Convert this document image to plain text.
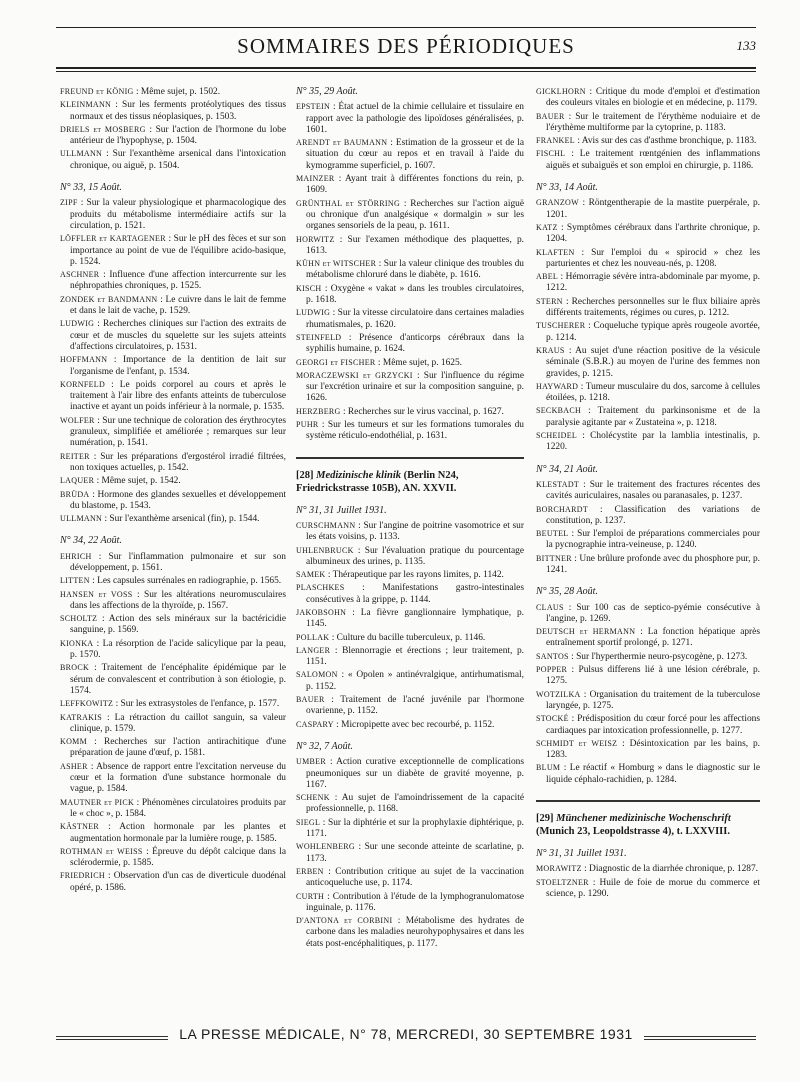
SOMMAIRES DES PÉRIODIQUES	133

FREUND et KÖNIG : Même sujet, p. 1502.

KLEINMANN : Sur les ferments protéolytiques des tissus normaux et des tissus néoplasiques, p. 1503.

DRIELS et MOSBERG : Sur l'action de l'hormone du lobe antérieur de l'hypophyse, p. 1504.

ULLMANN : Sur l'exanthème arsenical dans l'intoxication chronique, ou aiguë, p. 1504.

N° 33, 15 Août.

ZIPF : Sur la valeur physiologique et pharmacologique des produits du métabolisme intermédiaire actifs sur la circulation, p. 1521.

LÖFFLER et KARTAGENER : Sur le pH des fèces et sur son importance au point de vue de l'équilibre acido-basique, p. 1524.

ASCHNER : Influence d'une affection intercurrente sur les néphropathies chroniques, p. 1525.

ZONDEK et BANDMANN : Le cuivre dans le lait de femme et dans le lait de vache, p. 1529.

LUDWIG : Recherches cliniques sur l'action des extraits de cœur et de muscles du squelette sur les sujets atteints d'affections circulatoires, p. 1531.

HOFFMANN : Importance de la dentition de lait sur l'organisme de l'enfant, p. 1534.

KORNFELD : Le poids corporel au cours et après le traitement à l'air libre des enfants atteints de tuberculose inactive et ayant un poids inférieur à la normale, p. 1535.

WOLFER : Sur une technique de coloration des érythrocytes granuleux, simplifiée et améliorée ; remarques sur leur numération, p. 1541.

REITER : Sur les préparations d'ergostérol irradié filtrées, non toxiques actuelles, p. 1542.

LAQUER : Même sujet, p. 1542.

BRÜDA : Hormone des glandes sexuelles et développement du blastome, p. 1543.

ULLMANN : Sur l'exanthème arsenical (fin), p. 1544.

N° 34, 22 Août.

EHRICH : Sur l'inflammation pulmonaire et sur son développement, p. 1561.

LITTEN : Les capsules surrénales en radiographie, p. 1565.

HANSEN et VOSS : Sur les altérations neuromusculaires dans les affections de la thyroïde, p. 1567.

SCHOLTZ : Action des sels minéraux sur la bactéricidie sanguine, p. 1569.

KIONKA : La résorption de l'acide salicylique par la peau, p. 1570.

BROCK : Traitement de l'encéphalite épidémique par le sérum de convalescent et contribution à son étiologie, p. 1574.

LEFFKOWITZ : Sur les extrasystoles de l'enfance, p. 1577.

KATRAKIS : La rétraction du caillot sanguin, sa valeur clinique, p. 1579.

KOMM : Recherches sur l'action antirachitique d'une préparation de jaune d'œuf, p. 1581.

ASHER : Absence de rapport entre l'excitation nerveuse du cœur et la formation d'une substance hormonale du vague, p. 1584.

MAUTNER et PICK : Phénomènes circulatoires produits par le « choc », p. 1584.

KÄSTNER : Action hormonale par les plantes et augmentation hormonale par la lumière rouge, p. 1585.

ROTHMAN et WEISS : Épreuve du dépôt calcique dans la sclérodermie, p. 1585.

FRIEDRICH : Observation d'un cas de diverticule duodénal opéré, p. 1586.

N° 35, 29 Août.

EPSTEIN : État actuel de la chimie cellulaire et tissulaire en rapport avec la pathologie des lipoïdoses généralisées, p. 1601.

ARENDT et BAUMANN : Estimation de la grosseur et de la situation du cœur au repos et en travail à l'aide du kymogramme superficiel, p. 1607.

MAINZER : Ayant trait à différentes fonctions du rein, p. 1609.

GRÜNTHAL et STÖRRING : Recherches sur l'action aiguë ou chronique d'un analgésique « dormalgin » sur les organes sensoriels de la peau, p. 1611.

HORWITZ : Sur l'examen méthodique des plaquettes, p. 1613.

KÜHN et WITSCHER : Sur la valeur clinique des troubles du métabolisme chloruré dans le diabète, p. 1616.

KISCH : Oxygène « vakat » dans les troubles circulatoires, p. 1618.

LUDWIG : Sur la vitesse circulatoire dans certaines maladies rhumatismales, p. 1620.

STEINFELD : Présence d'anticorps cérébraux dans la syphilis humaine, p. 1624.

GEORGI et FISCHER : Même sujet, p. 1625.

MORACZEWSKI et GRZYCKI : Sur l'influence du régime sur l'excrétion urinaire et sur la composition sanguine, p. 1626.

HERZBERG : Recherches sur le virus vaccinal, p. 1627.

PUHR : Sur les tumeurs et sur les formations tumorales du système réticulo-endothélial, p. 1631.

[28] Medizinische klinik (Berlin N24, Friedrickstrasse 105B), AN. XXVII.
N° 31, 31 Juillet 1931.

CURSCHMANN : Sur l'angine de poitrine vasomotrice et sur les états voisins, p. 1133.

UHLENBRUCK : Sur l'évaluation pratique du pourcentage albumineux des urines, p. 1135.

SAMEK : Thérapeutique par les rayons limites, p. 1142.

PLASCHKES : Manifestations gastro-intestinales consécutives à la grippe, p. 1144.

JAKOBSOHN : La fièvre ganglionnaire lymphatique, p. 1145.

POLLAK : Culture du bacille tuberculeux, p. 1146.

LANGER : Blennorragie et érections ; leur traitement, p. 1151.

SALOMON : « Opolen » antinévralgique, antirhumatismal, p. 1152.

BAUER : Traitement de l'acné juvénile par l'hormone ovarienne, p. 1152.

CASPARY : Micropipette avec bec recourbé, p. 1152.

N° 32, 7 Août.

UMBER : Action curative exceptionnelle de complications pneumoniques sur un diabète de gravité moyenne, p. 1167.

SCHENK : Au sujet de l'amoindrissement de la capacité professionnelle, p. 1168.

SIEGL : Sur la diphtérie et sur la prophylaxie diphtérique, p. 1171.

WOHLENBERG : Sur une seconde atteinte de scarlatine, p. 1173.

ERBEN : Contribution critique au sujet de la vaccination anticoqueluche use, p. 1174.

CURTH : Contribution à l'étude de la lymphogranulomatose inguinale, p. 1176.

D'ANTONA et CORBINI : Métabolisme des hydrates de carbone dans les maladies neurohypophysaires et dans les états post-encéphalitiques, p. 1177.

GICKLHORN : Critique du mode d'emploi et d'estimation des couleurs vitales en biologie et en médecine, p. 1179.

BAUER : Sur le traitement de l'érythème noduiaire et de l'érythème multiforme par la cytoprine, p. 1183.

FRANKEL : Avis sur des cas d'asthme bronchique, p. 1183.

FISCHL : Le traitement rœntgénien des inflammations aiguës et subaiguës et son emploi en chirurgie, p. 1186.

N° 33, 14 Août.

GRANZOW : Röntgentherapie de la mastite puerpérale, p. 1201.

KATZ : Symptômes cérébraux dans l'arthrite chronique, p. 1204.

KLAFTEN : Sur l'emploi du « spirocid » chez les parturientes et chez les nouveau-nés, p. 1208.

ABEL : Hémorragie sévère intra-abdominale par myome, p. 1212.

STERN : Recherches personnelles sur le flux biliaire après différents traitements, régimes ou cures, p. 1212.

TUSCHERER : Coqueluche typique après rougeole avortée, p. 1214.

KRAUS : Au sujet d'une réaction positive de la vésicule séminale (S.B.R.) au moyen de l'urine des femmes non gravides, p. 1215.

HAYWARD : Tumeur musculaire du dos, sarcome à cellules étoilées, p. 1218.

SECKBACH : Traitement du parkinsonisme et de la paralysie agitante par « Zustateina », p. 1218.

SCHEIDEL : Cholécystite par la lamblia intestinalis, p. 1220.

N° 34, 21 Août.

KLESTADT : Sur le traitement des fractures récentes des cavités auriculaires, nasales ou paranasales, p. 1237.

BORCHARDT : Classification des variations de constitution, p. 1237.

BEUTEL : Sur l'emploi de préparations commerciales pour la pycnographie intra-veineuse, p. 1240.

BITTNER : Une brûlure profonde avec du phosphore pur, p. 1241.

N° 35, 28 Août.

CLAUS : Sur 100 cas de septico-pyémie consécutive à l'angine, p. 1269.

DEUTSCH et HERMANN : La fonction hépatique après entraînement sportif prolongé, p. 1271.

SANTOS : Sur l'hyperthermie neuro-psycogène, p. 1273.

POPPER : Pulsus differens lié à une lésion cérébrale, p. 1275.

WOTZILKA : Organisation du traitement de la tuberculose laryngée, p. 1275.

STOCKÉ : Prédisposition du cœur forcé pour les affections cardiaques par intoxication professionnelle, p. 1277.

SCHMIDT et WEISZ : Désintoxication par les bains, p. 1283.

BLUM : Le réactif « Homburg » dans le diagnostic sur le liquide céphalo-rachidien, p. 1284.

[29] Münchener medizinische Wochenschrift (Munich 23, Leopoldstrasse 4), t. LXXVIII.
N° 31, 31 Juillet 1931.

MORAWITZ : Diagnostic de la diarrhée chronique, p. 1287.

STOELTZNER : Huile de foie de morue du commerce et science, p. 1290.

LA PRESSE MÉDICALE, N° 78, MERCREDI, 30 SEPTEMBRE 1931
